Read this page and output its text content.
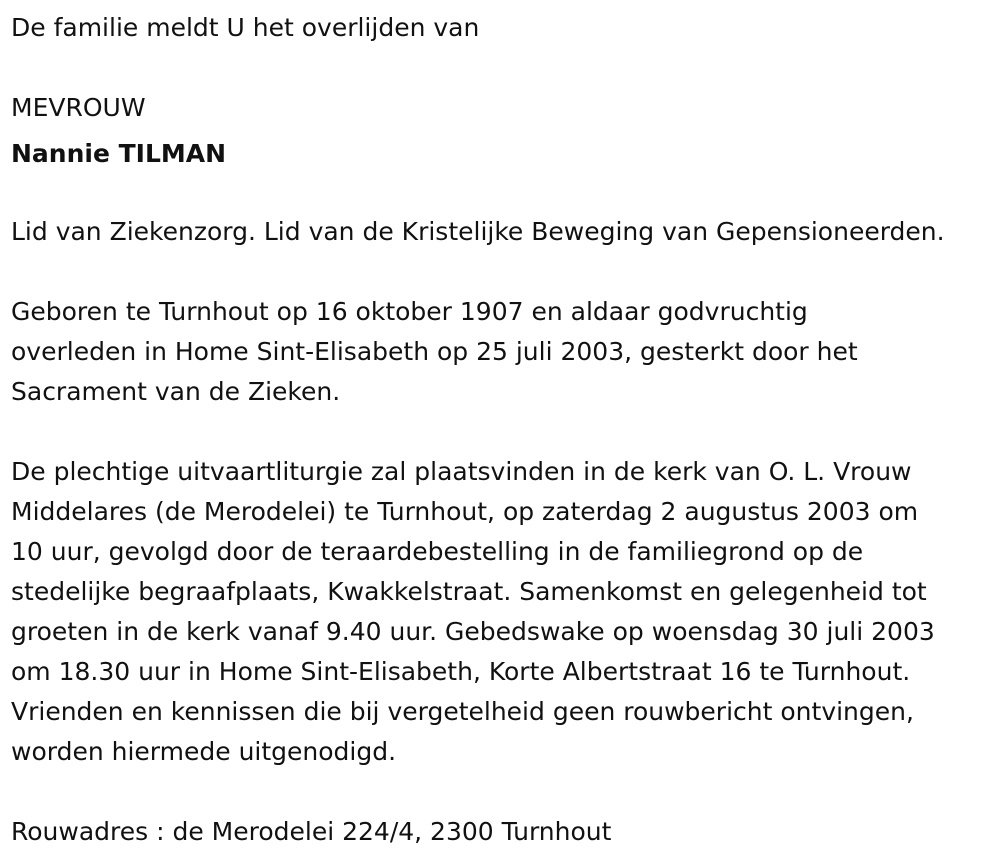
De familie meldt U het overlijden van

MEVROUW

Nannie TILMAN

Lid van Ziekenzorg. Lid van de Kristelijke Beweging van Gepensioneerden.

Geboren te Turnhout op 16 oktober 1907 en aldaar godvruchtig

overleden in Home Sint-Elisabeth op 25 juli 2003, gesterkt door het

Sacrament van de Zieken.

De plechtige uitvaartliturgie zal plaatsvinden in de kerk van O. L. Vrouw

Middelares (de Merodelei) te Turnhout, op zaterdag 2 augustus 2003 om

10 uur, gevolgd door de teraardebestelling in de familiegrond op de

stedelijke begraafplaats, Kwakkelstraat. Samenkomst en gelegenheid tot

groeten in de kerk vanaf 9.40 uur. Gebedswake op woensdag 30 juli 2003

om 18.30 uur in Home Sint-Elisabeth, Korte Albertstraat 16 te Turnhout.

Vrienden en kennissen die bij vergetelheid geen rouwbericht ontvingen,

worden hiermede uitgenodigd.

Rouwadres : de Merodelei 224/4, 2300 Turnhout
